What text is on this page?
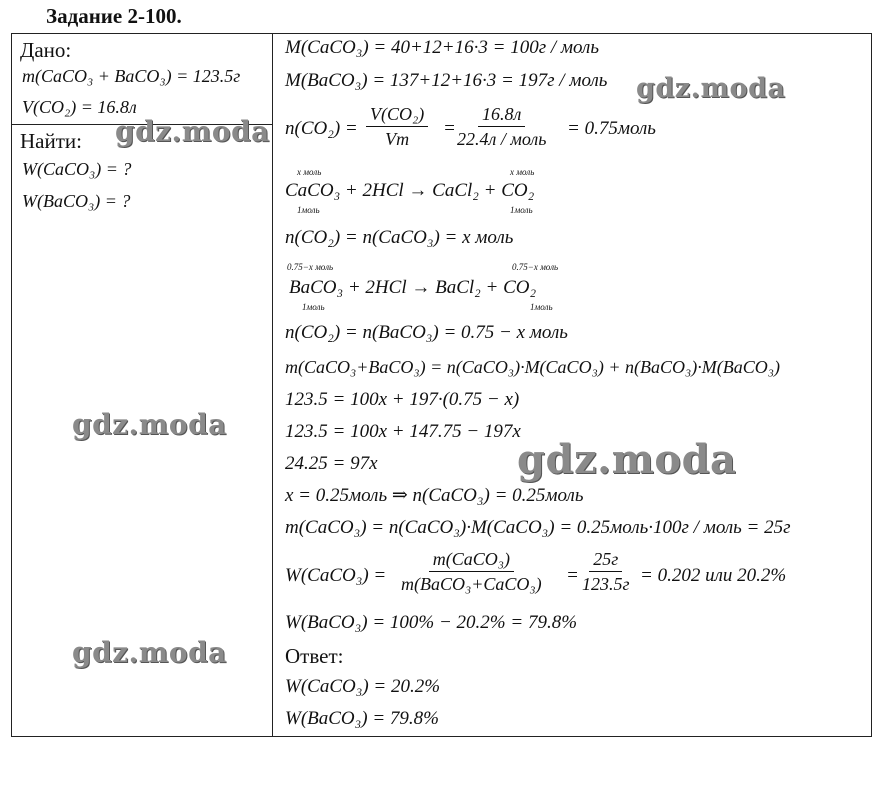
Задание 2-100.
Дано:
m(CaCO₃ + BaCO₃) = 123.5г
V(CO₂) = 16.8л
Найти:
W(CaCO₃) = ?
W(BaCO₃) = ?
M(CaCO₃) = 40+12+16·3 = 100г / моль
M(BaCO₃) = 137+12+16·3 = 197г / моль
$n(CO_2) = \frac{\text{V(CO₂)}}{Vm}$ =
16.8л
22.4л / моль = 0.75моль
x моль	x моль
CaCO₃ + 2HCl → CaCl₂ + CO₂
1моль	1моль
n(CO₂) = n(CaCO₃) = x моль
0.75−x моль	0.75−x моль
BaCO₃ + 2HCl → BaCl₂ + CO₂
1моль	1моль
n(CO₂) = n(BaCO₃) = 0.75 − x моль
m(CaCO₃+BaCO₃) = n(CaCO₃)·M(CaCO₃) + n(BaCO₃)·M(BaCO₃)
123.5 = 100x + 197·(0.75 − x)
123.5 = 100x + 147.75 − 197x
24.25 = 97x
x = 0.25моль ⇒ n(CaCO₃) = 0.25моль
m(CaCO₃) = n(CaCO₃)·M(CaCO₃) = 0.25моль·100г / моль = 25г
W(CaCO₃) =
m(CaCO₃)
m(BaCO₃+CaCO₃) =
25г
123.5г = 0.202 или 20.2%
W(BaCO₃) = 100% − 20.2% = 79.8%
Ответ:
W(CaCO₃) = 20.2%
W(BaCO₃) = 79.8%
gdz.moda
gdz.moda
gdz.moda
gdz.moda
gdz.moda
